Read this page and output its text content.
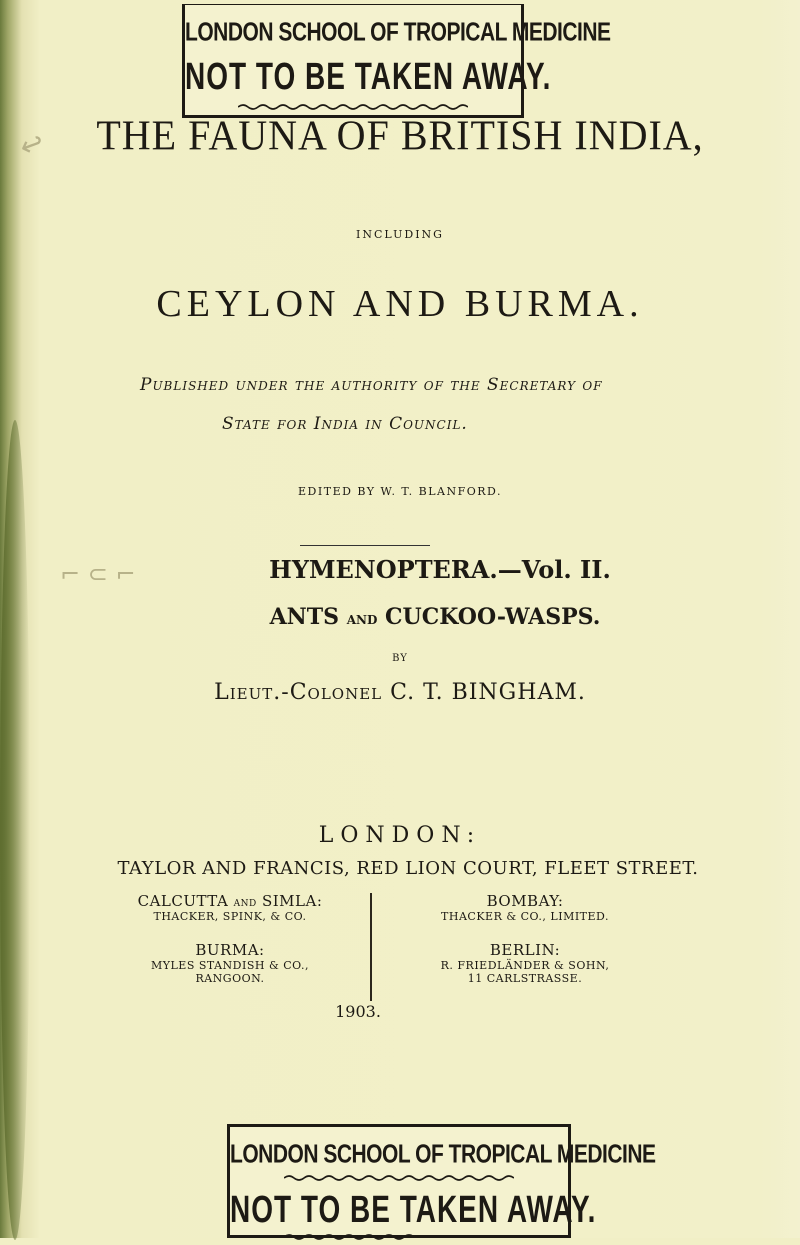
LONDON SCHOOL OF TROPICAL MEDICINE
NOT TO BE TAKEN AWAY.
↩	THE FAUNA OF BRITISH INDIA,
INCLUDING
CEYLON AND BURMA.
Published under the authority of the Secretary of
State for India in Council.
EDITED BY W. T. BLANFORD.
⌐ ⊂ ⌐	HYMENOPTERA.—Vol. II.
ANTS AND CUCKOO-WASPS.
BY
Lieut.-Colonel C. T. BINGHAM.
LONDON:
TAYLOR AND FRANCIS, RED LION COURT, FLEET STREET.
CALCUTTA AND SIMLA:
THACKER, SPINK, & CO.
BURMA:
MYLES STANDISH & CO.,
RANGOON.
BOMBAY:
THACKER & CO., LIMITED.
BERLIN:
R. FRIEDLÄNDER & SOHN,
11 CARLSTRASSE.
1903.
LONDON SCHOOL OF TROPICAL MEDICINE
NOT TO BE TAKEN AWAY.
